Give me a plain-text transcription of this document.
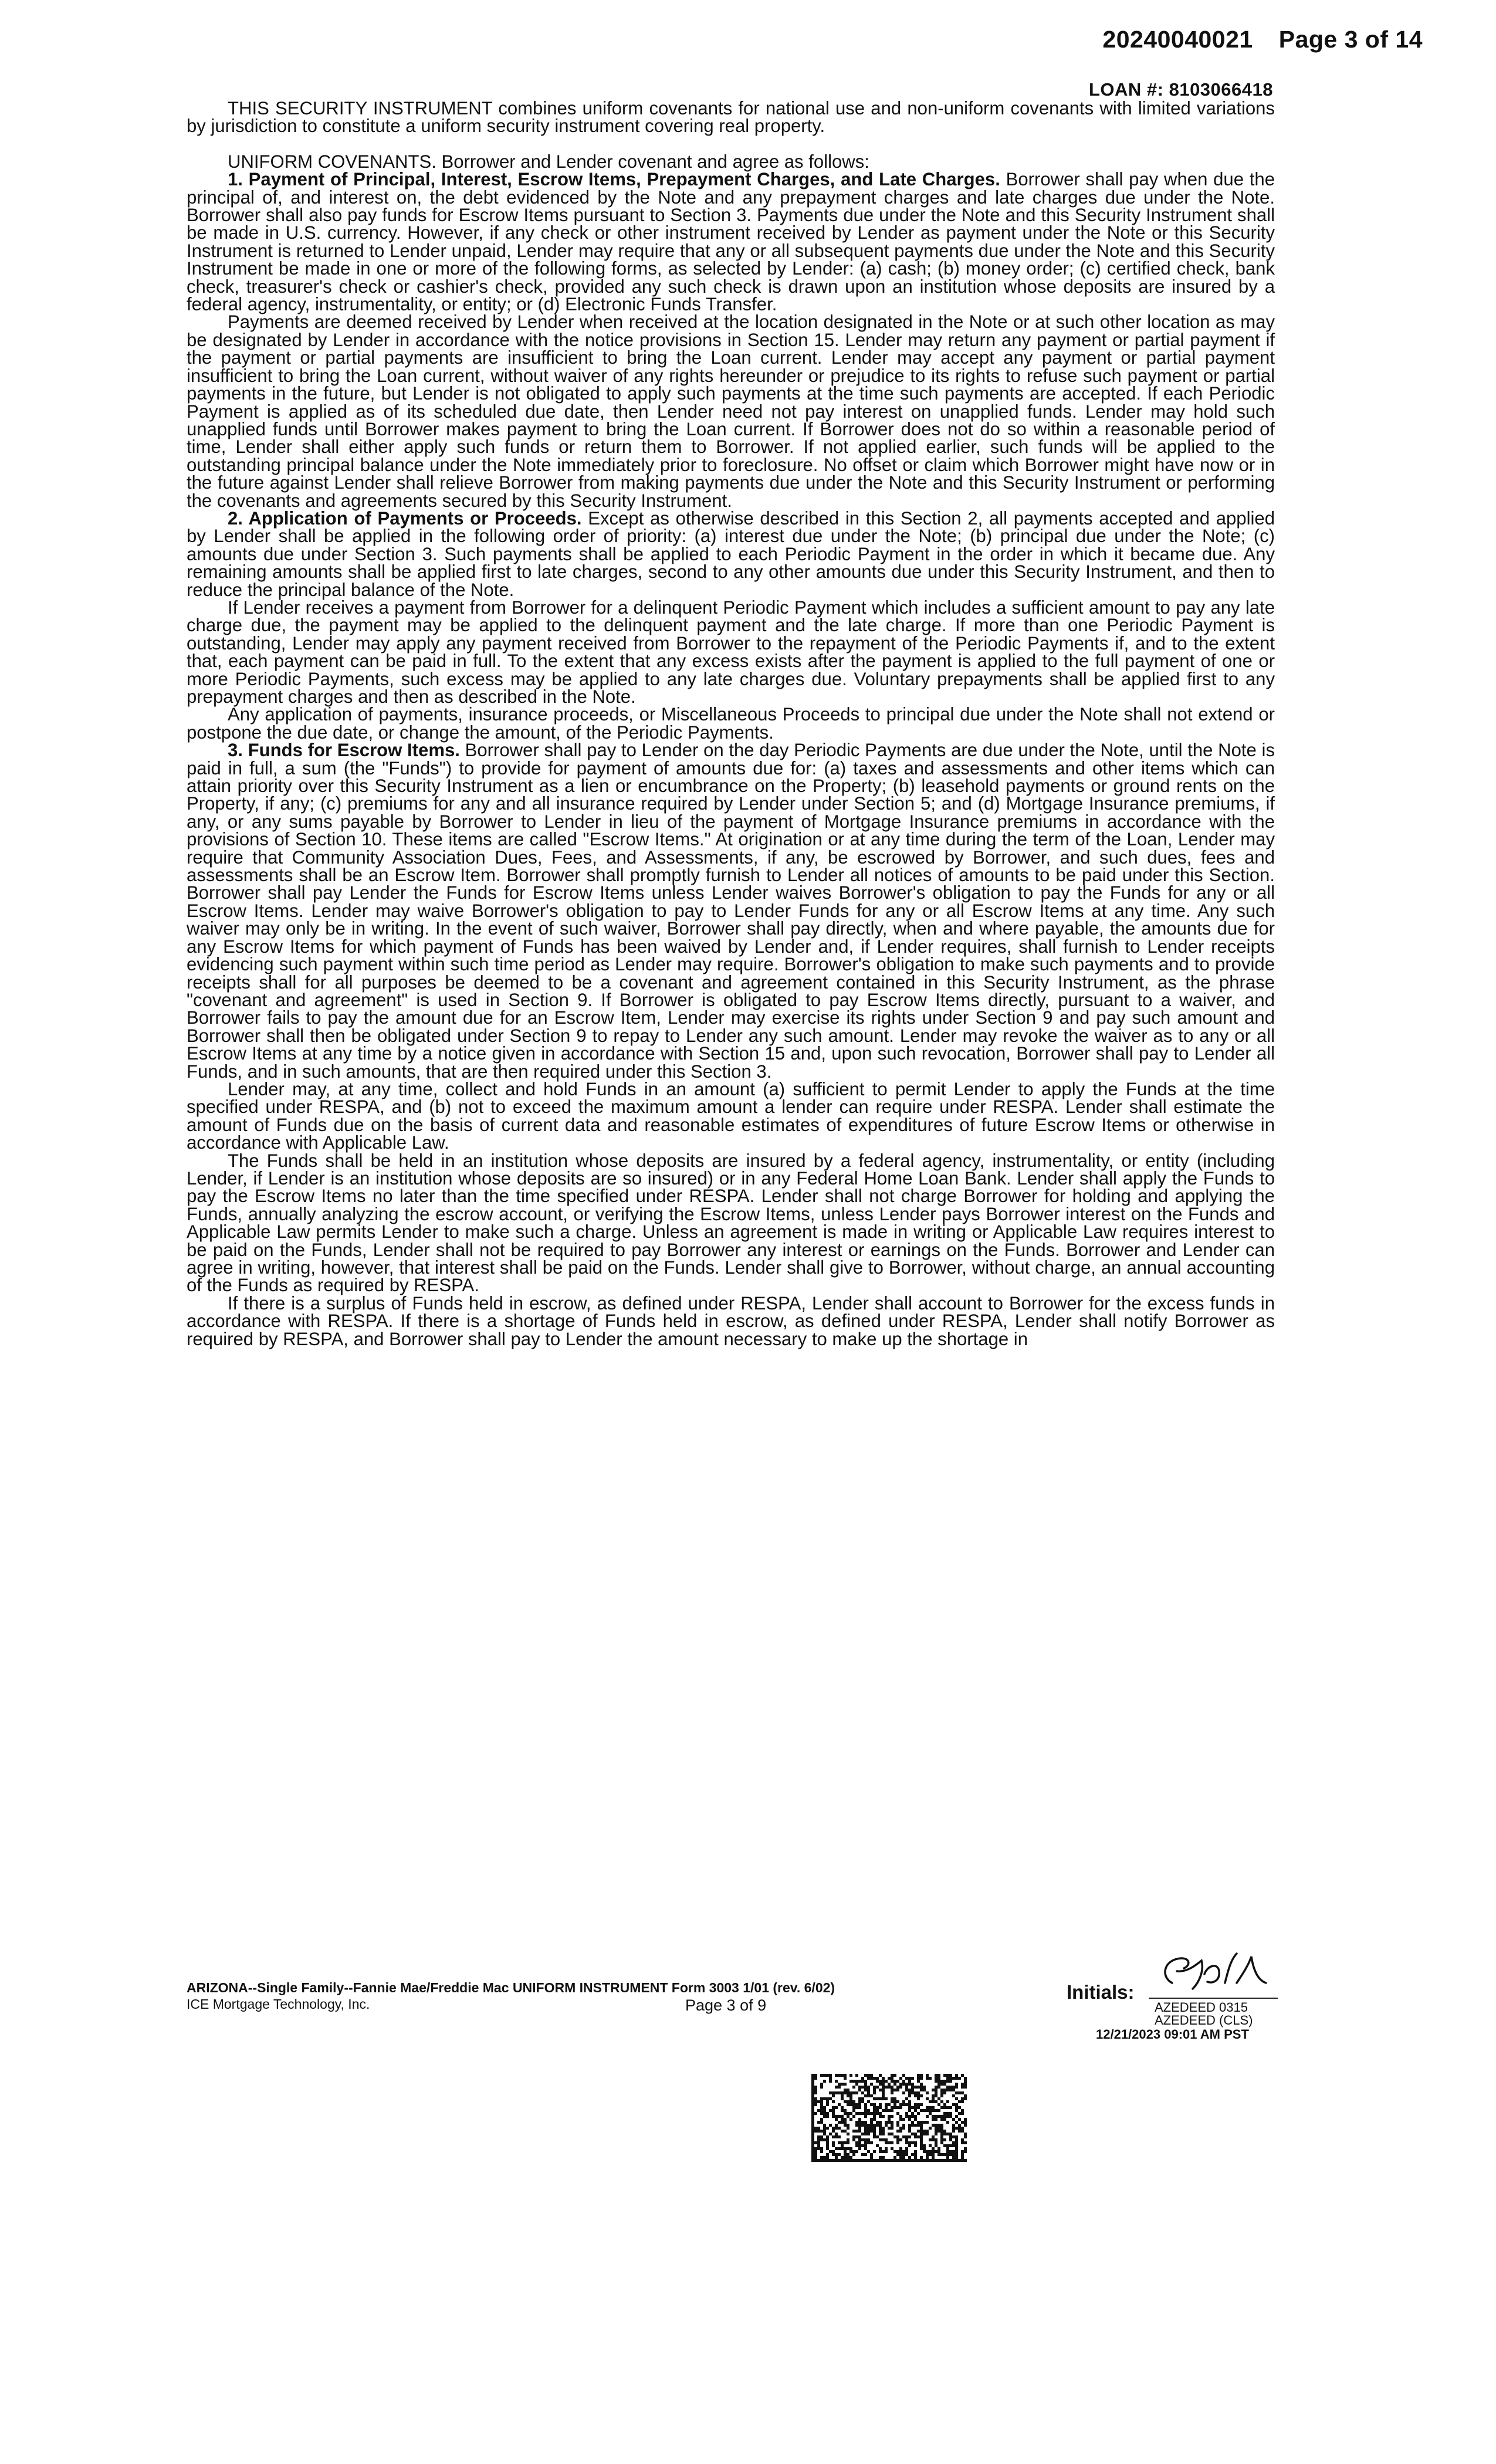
20240040021 Page 3 of 14
LOAN #: 8103066418

THIS SECURITY INSTRUMENT combines uniform covenants for national use and non-uniform covenants with limited variations by jurisdiction to constitute a uniform security instrument covering real property.

UNIFORM COVENANTS. Borrower and Lender covenant and agree as follows:

1. Payment of Principal, Interest, Escrow Items, Prepayment Charges, and Late Charges. Borrower shall pay when due the principal of, and interest on, the debt evidenced by the Note and any prepayment charges and late charges due under the Note. Borrower shall also pay funds for Escrow Items pursuant to Section 3. Payments due under the Note and this Security Instrument shall be made in U.S. currency. However, if any check or other instrument received by Lender as payment under the Note or this Security Instrument is returned to Lender unpaid, Lender may require that any or all subsequent payments due under the Note and this Security Instrument be made in one or more of the following forms, as selected by Lender: (a) cash; (b) money order; (c) certified check, bank check, treasurer's check or cashier's check, provided any such check is drawn upon an institution whose deposits are insured by a federal agency, instrumentality, or entity; or (d) Electronic Funds Transfer.

Payments are deemed received by Lender when received at the location designated in the Note or at such other location as may be designated by Lender in accordance with the notice provisions in Section 15. Lender may return any payment or partial payment if the payment or partial payments are insufficient to bring the Loan current. Lender may accept any payment or partial payment insufficient to bring the Loan current, without waiver of any rights hereunder or prejudice to its rights to refuse such payment or partial payments in the future, but Lender is not obligated to apply such payments at the time such payments are accepted. If each Periodic Payment is applied as of its scheduled due date, then Lender need not pay interest on unapplied funds. Lender may hold such unapplied funds until Borrower makes payment to bring the Loan current. If Borrower does not do so within a reasonable period of time, Lender shall either apply such funds or return them to Borrower. If not applied earlier, such funds will be applied to the outstanding principal balance under the Note immediately prior to foreclosure. No offset or claim which Borrower might have now or in the future against Lender shall relieve Borrower from making payments due under the Note and this Security Instrument or performing the covenants and agreements secured by this Security Instrument.

2. Application of Payments or Proceeds. Except as otherwise described in this Section 2, all payments accepted and applied by Lender shall be applied in the following order of priority: (a) interest due under the Note; (b) principal due under the Note; (c) amounts due under Section 3. Such payments shall be applied to each Periodic Payment in the order in which it became due. Any remaining amounts shall be applied first to late charges, second to any other amounts due under this Security Instrument, and then to reduce the principal balance of the Note.

If Lender receives a payment from Borrower for a delinquent Periodic Payment which includes a sufficient amount to pay any late charge due, the payment may be applied to the delinquent payment and the late charge. If more than one Periodic Payment is outstanding, Lender may apply any payment received from Borrower to the repayment of the Periodic Payments if, and to the extent that, each payment can be paid in full. To the extent that any excess exists after the payment is applied to the full payment of one or more Periodic Payments, such excess may be applied to any late charges due. Voluntary prepayments shall be applied first to any prepayment charges and then as described in the Note.

Any application of payments, insurance proceeds, or Miscellaneous Proceeds to principal due under the Note shall not extend or postpone the due date, or change the amount, of the Periodic Payments.

3. Funds for Escrow Items. Borrower shall pay to Lender on the day Periodic Payments are due under the Note, until the Note is paid in full, a sum (the "Funds") to provide for payment of amounts due for: (a) taxes and assessments and other items which can attain priority over this Security Instrument as a lien or encumbrance on the Property; (b) leasehold payments or ground rents on the Property, if any; (c) premiums for any and all insurance required by Lender under Section 5; and (d) Mortgage Insurance premiums, if any, or any sums payable by Borrower to Lender in lieu of the payment of Mortgage Insurance premiums in accordance with the provisions of Section 10. These items are called "Escrow Items." At origination or at any time during the term of the Loan, Lender may require that Community Association Dues, Fees, and Assessments, if any, be escrowed by Borrower, and such dues, fees and assessments shall be an Escrow Item. Borrower shall promptly furnish to Lender all notices of amounts to be paid under this Section. Borrower shall pay Lender the Funds for Escrow Items unless Lender waives Borrower's obligation to pay the Funds for any or all Escrow Items. Lender may waive Borrower's obligation to pay to Lender Funds for any or all Escrow Items at any time. Any such waiver may only be in writing. In the event of such waiver, Borrower shall pay directly, when and where payable, the amounts due for any Escrow Items for which payment of Funds has been waived by Lender and, if Lender requires, shall furnish to Lender receipts evidencing such payment within such time period as Lender may require. Borrower's obligation to make such payments and to provide receipts shall for all purposes be deemed to be a covenant and agreement contained in this Security Instrument, as the phrase "covenant and agreement" is used in Section 9. If Borrower is obligated to pay Escrow Items directly, pursuant to a waiver, and Borrower fails to pay the amount due for an Escrow Item, Lender may exercise its rights under Section 9 and pay such amount and Borrower shall then be obligated under Section 9 to repay to Lender any such amount. Lender may revoke the waiver as to any or all Escrow Items at any time by a notice given in accordance with Section 15 and, upon such revocation, Borrower shall pay to Lender all Funds, and in such amounts, that are then required under this Section 3.

Lender may, at any time, collect and hold Funds in an amount (a) sufficient to permit Lender to apply the Funds at the time specified under RESPA, and (b) not to exceed the maximum amount a lender can require under RESPA. Lender shall estimate the amount of Funds due on the basis of current data and reasonable estimates of expenditures of future Escrow Items or otherwise in accordance with Applicable Law.

The Funds shall be held in an institution whose deposits are insured by a federal agency, instrumentality, or entity (including Lender, if Lender is an institution whose deposits are so insured) or in any Federal Home Loan Bank. Lender shall apply the Funds to pay the Escrow Items no later than the time specified under RESPA. Lender shall not charge Borrower for holding and applying the Funds, annually analyzing the escrow account, or verifying the Escrow Items, unless Lender pays Borrower interest on the Funds and Applicable Law permits Lender to make such a charge. Unless an agreement is made in writing or Applicable Law requires interest to be paid on the Funds, Lender shall not be required to pay Borrower any interest or earnings on the Funds. Borrower and Lender can agree in writing, however, that interest shall be paid on the Funds. Lender shall give to Borrower, without charge, an annual accounting of the Funds as required by RESPA.

If there is a surplus of Funds held in escrow, as defined under RESPA, Lender shall account to Borrower for the excess funds in accordance with RESPA. If there is a shortage of Funds held in escrow, as defined under RESPA, Lender shall notify Borrower as required by RESPA, and Borrower shall pay to Lender the amount necessary to make up the shortage in

ARIZONA--Single Family--Fannie Mae/Freddie Mac UNIFORM INSTRUMENT Form 3003 1/01 (rev. 6/02)
ICE Mortgage Technology, Inc.	Page 3 of 9
Initials:
AZEDEED 0315
AZEDEED (CLS)
12/21/2023 09:01 AM PST
